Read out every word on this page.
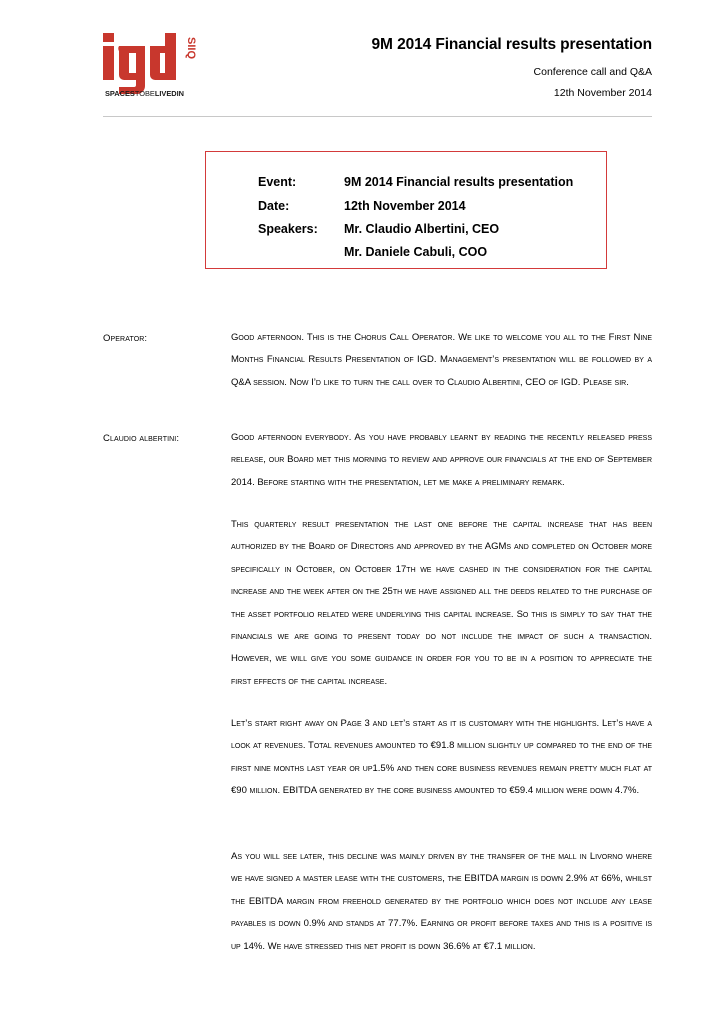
SIIQ
SPACESTOBELIVEDIN
9M 2014 Financial results presentation
Conference call and Q&A
12th November 2014
Event:	9M 2014 Financial results presentation
Date:	12th November 2014
Speakers: Mr. Claudio Albertini, CEO
Mr. Daniele Cabuli, COO
Operator:	Good afternoon. This is the Chorus Call Operator. We like to welcome you all to the First Nine Months Financial Results Presentation of IGD. Management’s presentation will be followed by a Q&A session. Now I’d like to turn the call over to Claudio Albertini, CEO of IGD. Please sir.
Claudio albertini:	Good afternoon everybody. As you have probably learnt by reading the recently released press release, our Board met this morning to review and approve our financials at the end of September 2014. Before starting with the presentation, let me make a preliminary remark.
This quarterly result presentation the last one before the capital increase that has been authorized by the Board of Directors and approved by the AGMs and completed on October more specifically in October, on October 17th we have cashed in the consideration for the capital increase and the week after on the 25th we have assigned all the deeds related to the purchase of the asset portfolio related were underlying this capital increase. So this is simply to say that the financials we are going to present today do not include the impact of such a transaction. However, we will give you some guidance in order for you to be in a position to appreciate the first effects of the capital increase.
Let’s start right away on Page 3 and let’s start as it is customary with the highlights. Let’s have a look at revenues. Total revenues amounted to €91.8 million slightly up compared to the end of the first nine months last year or up1.5% and then core business revenues remain pretty much flat at €90 million. EBITDA generated by the core business amounted to €59.4 million were down 4.7%.
As you will see later, this decline was mainly driven by the transfer of the mall in Livorno where we have signed a master lease with the customers, the EBITDA margin is down 2.9% at 66%, whilst the EBITDA margin from freehold generated by the portfolio which does not include any lease payables is down 0.9% and stands at 77.7%. Earning or profit before taxes and this is a positive is up 14%. We have stressed this net profit is down 36.6% at €7.1 million.
